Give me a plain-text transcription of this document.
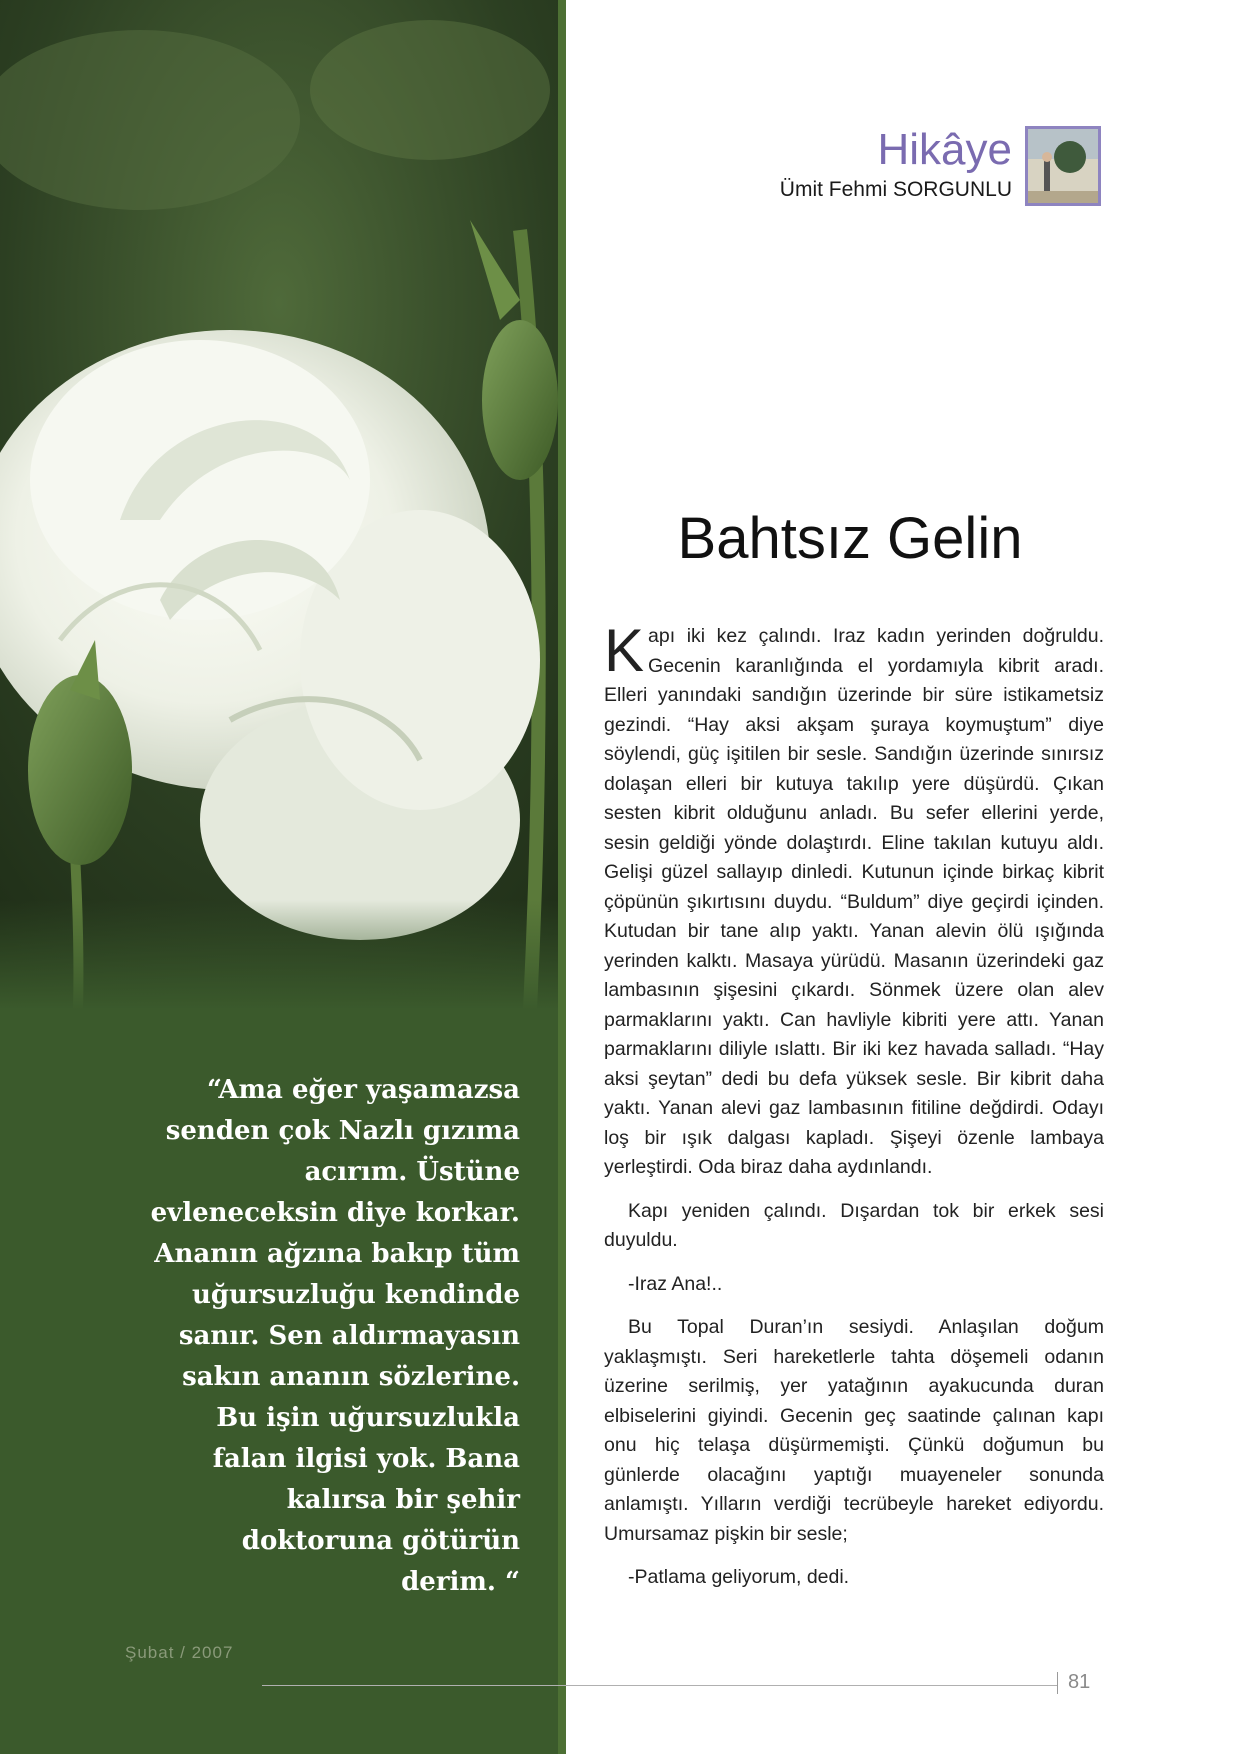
“Ama eğer yaşamazsa senden çok Nazlı gızıma acırım. Üstüne evleneceksin diye korkar. Ananın ağzına bakıp tüm uğursuzluğu kendinde sanır. Sen aldırmayasın sakın ananın sözlerine. Bu işin uğursuzlukla falan ilgisi yok. Bana kalırsa bir şehir doktoruna götürün derim. “

Şubat / 2007
Hikâye
Ümit Fehmi SORGUNLU
Bahtsız Gelin

Kapı iki kez çalındı. Iraz kadın yerinden doğruldu. Gecenin karanlığında el yordamıyla kibrit aradı. Elleri yanındaki sandığın üzerinde bir süre istikametsiz gezindi. “Hay aksi akşam şuraya koymuştum” diye söylendi, güç işitilen bir sesle. Sandığın üzerinde sınırsız dolaşan elleri bir kutuya takılıp yere düşürdü. Çıkan sesten kibrit olduğunu anladı. Bu sefer ellerini yerde, sesin geldiği yönde dolaştırdı. Eline takılan kutuyu aldı. Gelişi güzel sallayıp dinledi. Kutunun içinde birkaç kibrit çöpünün şıkırtısını duydu. “Buldum” diye geçirdi içinden. Kutudan bir tane alıp yaktı. Yanan alevin ölü ışığında yerinden kalktı. Masaya yürüdü. Masanın üzerindeki gaz lambasının şişesini çıkardı. Sönmek üzere olan alev parmaklarını yaktı. Can havliyle kibriti yere attı. Yanan parmaklarını diliyle ıslattı. Bir iki kez havada salladı. “Hay aksi şeytan” dedi bu defa yüksek sesle. Bir kibrit daha yaktı. Yanan alevi gaz lambasının fitiline değdirdi. Odayı loş bir ışık dalgası kapladı. Şişeyi özenle lambaya yerleştirdi. Oda biraz daha aydınlandı.

Kapı yeniden çalındı. Dışardan tok bir erkek sesi duyuldu.

-Iraz Ana!..

Bu Topal Duran’ın sesiydi. Anlaşılan doğum yaklaşmıştı. Seri hareketlerle tahta döşemeli odanın üzerine serilmiş, yer yatağının ayakucunda duran elbiselerini giyindi. Gecenin geç saatinde çalınan kapı onu hiç telaşa düşürmemişti. Çünkü doğumun bu günlerde olacağını yaptığı muayeneler sonunda anlamıştı. Yılların verdiği tecrübeyle hareket ediyordu. Umursamaz pişkin bir sesle;

-Patlama geliyorum, dedi.

81
